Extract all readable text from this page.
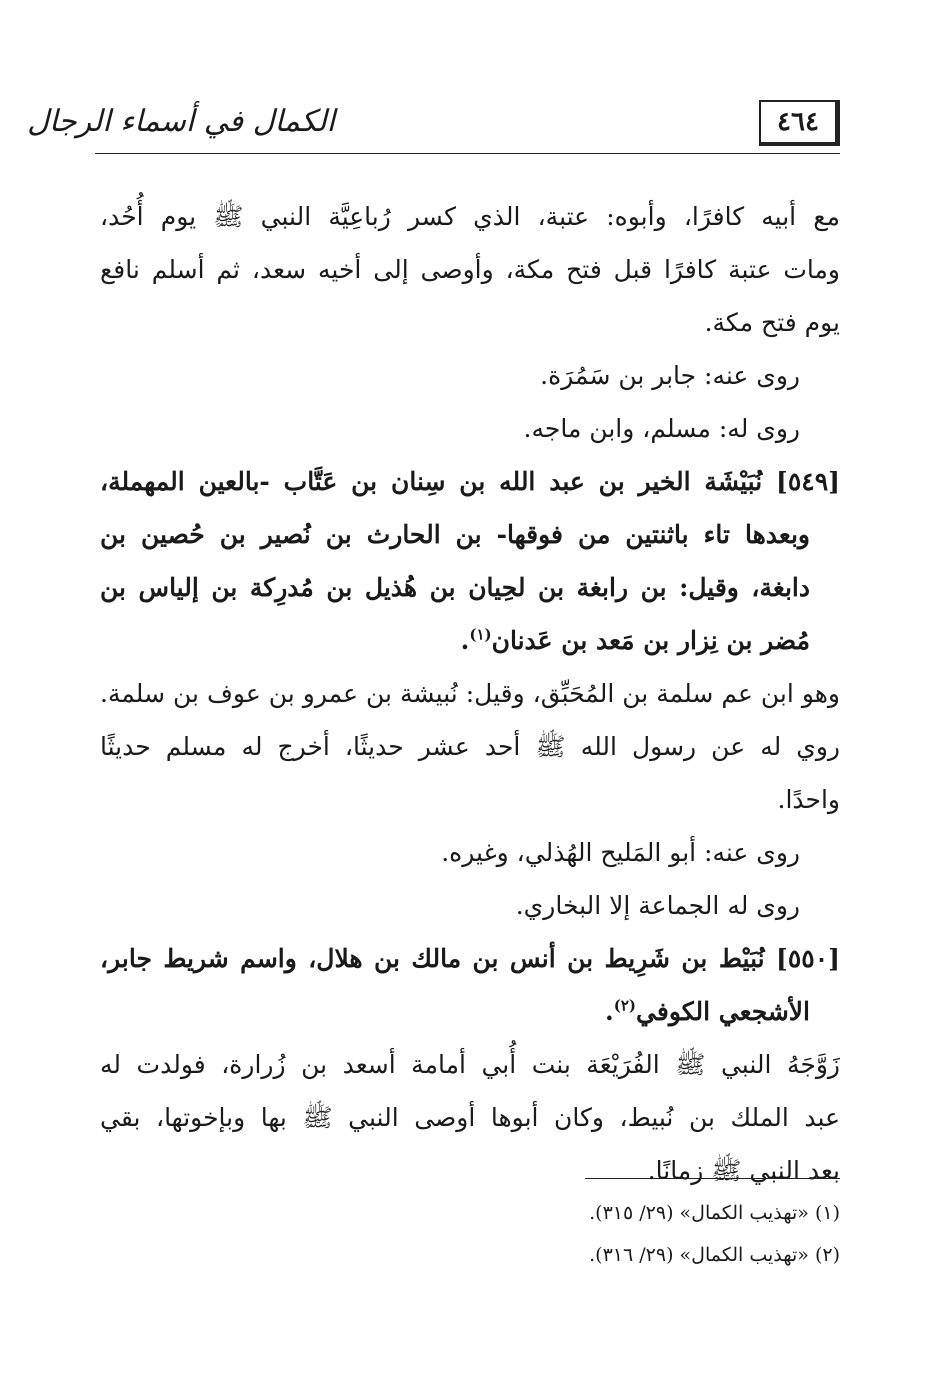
الكمال في أسماء الرجال	٤٦٤
مع أبيه كافرًا، وأبوه: عتبة، الذي كسر رُباعِيَّة النبي ﷺ يوم أُحُد،
ومات عتبة كافرًا قبل فتح مكة، وأوصى إلى أخيه سعد، ثم أسلم نافع
يوم فتح مكة.
روى عنه: جابر بن سَمُرَة.
روى له: مسلم، وابن ماجه.
[٥٤٩] نُبَيْشَة الخير بن عبد الله بن سِنان بن عَتَّاب -بالعين المهملة،
وبعدها تاء باثنتين من فوقها- بن الحارث بن نُصير بن حُصين بن
دابغة، وقيل: بن رابغة بن لحِيان بن هُذيل بن مُدرِكة بن إلياس بن
مُضر بن نِزار بن مَعد بن عَدنان$^{(١)}$.
وهو ابن عم سلمة بن المُحَبِّق، وقيل: نُبيشة بن عمرو بن عوف بن سلمة.
روي له عن رسول الله ﷺ أحد عشر حديثًا، أخرج له مسلم حديثًا
واحدًا.
روى عنه: أبو المَليح الهُذلي، وغيره.
روى له الجماعة إلا البخاري.
[٥٥٠] نُبَيْط بن شَرِيط بن أنس بن مالك بن هلال، واسم شريط جابر،
الأشجعي الكوفي$^{(٢)}$.
زَوَّجَهُ النبي ﷺ الفُرَيْعَة بنت أُبي أمامة أسعد بن زُرارة، فولدت له
عبد الملك بن نُبيط، وكان أبوها أوصى النبي ﷺ بها وبإخوتها، بقي
بعد النبي ﷺ زمانًا.
(١) «تهذيب الكمال» (٢٩/ ٣١٥).
(٢) «تهذيب الكمال» (٢٩/ ٣١٦).
